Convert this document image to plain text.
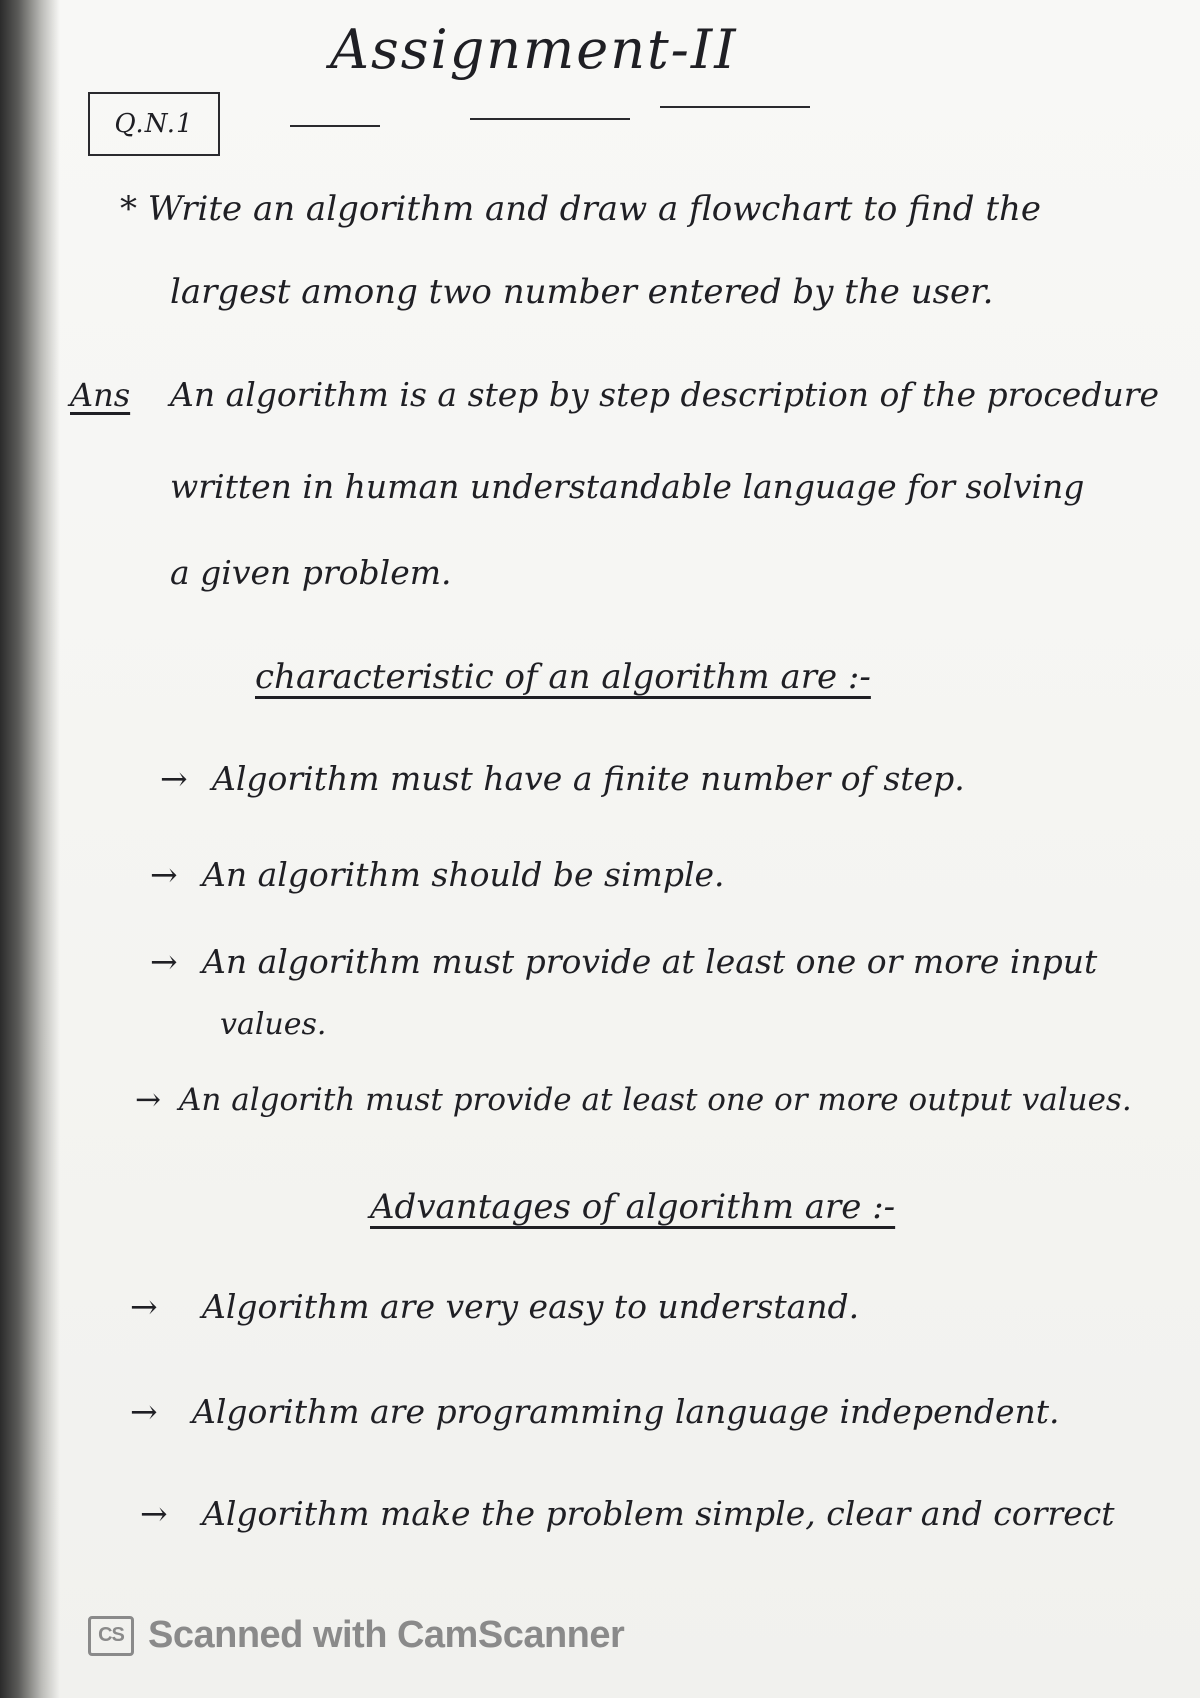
Assignment-II
Q.N.1
* Write an algorithm and draw a flowchart to find the
largest among two number entered by the user.
Ans An algorithm is a step by step description of the procedure
written in human understandable language for solving
a given problem.
characteristic of an algorithm are :-
→ Algorithm must have a finite number of step.
→ An algorithm should be simple.
→ An algorithm must provide at least one or more input
values.
→ An algorith must provide at least one or more output values.
Advantages of algorithm are :-
→ Algorithm are very easy to understand.
→ Algorithm are programming language independent.
→ Algorithm make the problem simple, clear and correct
CS Scanned with CamScanner
